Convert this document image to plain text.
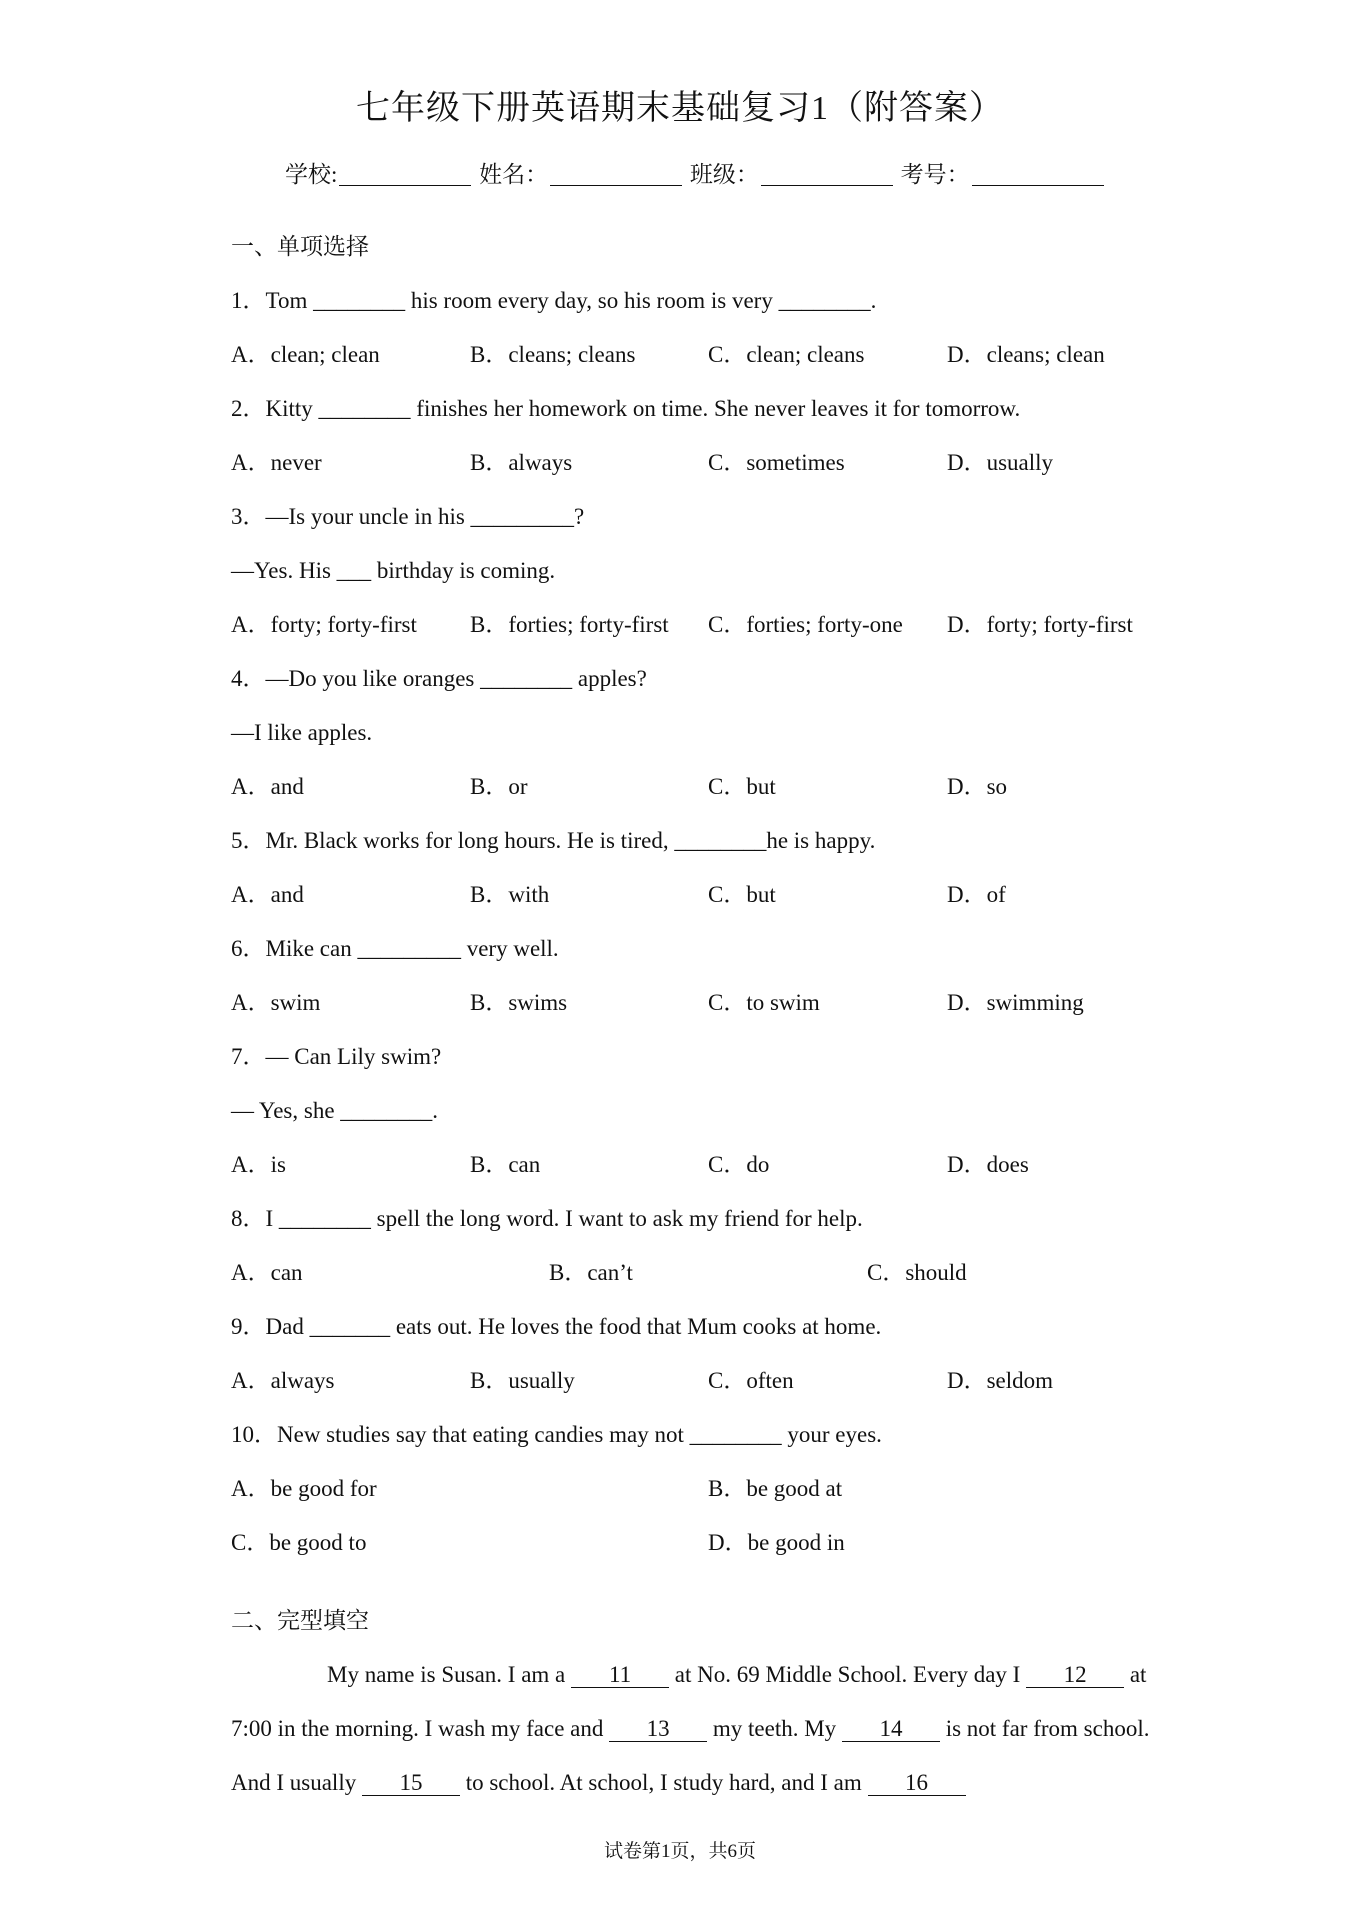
七年级下册英语期末基础复习1（附答案）
学校:	姓名：	班级：	考号：
一、单项选择
1．Tom ________ his room every day, so his room is very ________.
A．clean; clean	B．cleans; cleans	C．clean; cleans	D．cleans; clean
2．Kitty ________ finishes her homework on time. She never leaves it for tomorrow.
A．never	B．always	C．sometimes	D．usually
3．—Is your uncle in his _________?
—Yes. His ___ birthday is coming.
A．forty; forty-first B．forties; forty-first C．forties; forty-one D．forty; forty-first
4．—Do you like oranges ________ apples?
—I like apples.
A．and	B．or	C．but	D．so
5．Mr. Black works for long hours. He is tired, ________he is happy.
A．and	B．with	C．but	D．of
6．Mike can _________ very well.
A．swim	B．swims	C．to swim	D．swimming
7．— Can Lily swim?
— Yes, she ________.
A．is	B．can	C．do	D．does
8．I ________ spell the long word. I want to ask my friend for help.
A．can	B．can’t	C．should
9．Dad _______ eats out. He loves the food that Mum cooks at home.
A．always	B．usually	C．often	D．seldom
10．New studies say that eating candies may not ________ your eyes.
A．be good for	B．be good at
C．be good to	D．be good in
二、完型填空
My name is Susan. I am a 11 at No. 69 Middle School. Every day I 12 at 7:00 in the morning. I wash my face and 13 my teeth. My 14 is not far from school. And I usually 15 to school. At school, I study hard, and I am 16
试卷第1页，共6页
